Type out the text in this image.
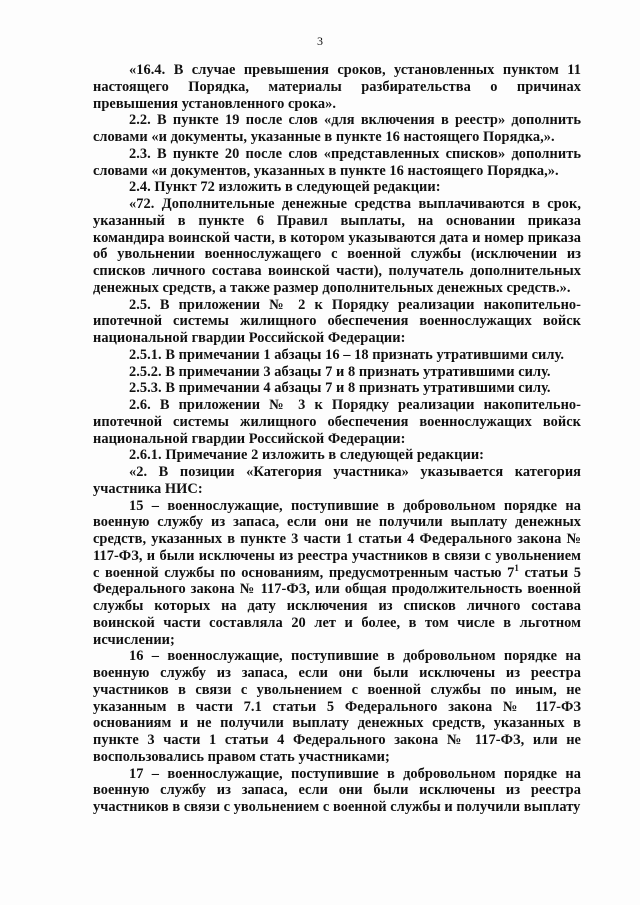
3

«16.4. В случае превышения сроков, установленных пунктом 11 настоящего Порядка, материалы разбирательства о причинах превышения установленного срока».

2.2. В пункте 19 после слов «для включения в реестр» дополнить словами «и документы, указанные в пункте 16 настоящего Порядка,».

2.3. В пункте 20 после слов «представленных списков» дополнить словами «и документов, указанных в пункте 16 настоящего Порядка,».

2.4. Пункт 72 изложить в следующей редакции:

«72. Дополнительные денежные средства выплачиваются в срок, указанный в пункте 6 Правил выплаты, на основании приказа командира воинской части, в котором указываются дата и номер приказа об увольнении военнослужащего с военной службы (исключении из списков личного состава воинской части), получатель дополнительных денежных средств, а также размер дополнительных денежных средств.».

2.5. В приложении № 2 к Порядку реализации накопительно-ипотечной системы жилищного обеспечения военнослужащих войск национальной гвардии Российской Федерации:

2.5.1. В примечании 1 абзацы 16 – 18 признать утратившими силу.

2.5.2. В примечании 3 абзацы 7 и 8 признать утратившими силу.

2.5.3. В примечании 4 абзацы 7 и 8 признать утратившими силу.

2.6. В приложении № 3 к Порядку реализации накопительно-ипотечной системы жилищного обеспечения военнослужащих войск национальной гвардии Российской Федерации:

2.6.1. Примечание 2 изложить в следующей редакции:

«2. В позиции «Категория участника» указывается категория участника НИС:

15 – военнослужащие, поступившие в добровольном порядке на военную службу из запаса, если они не получили выплату денежных средств, указанных в пункте 3 части 1 статьи 4 Федерального закона № 117-ФЗ, и были исключены из реестра участников в связи с увольнением с военной службы по основаниям, предусмотренным частью $7^1$ статьи 5 Федерального закона № 117-ФЗ, или общая продолжительность военной службы которых на дату исключения из списков личного состава воинской части составляла 20 лет и более, в том числе в льготном исчислении;

16 – военнослужащие, поступившие в добровольном порядке на военную службу из запаса, если они были исключены из реестра участников в связи с увольнением с военной службы по иным, не указанным в части 7.1 статьи 5 Федерального закона № 117-ФЗ основаниям и не получили выплату денежных средств, указанных в пункте 3 части 1 статьи 4 Федерального закона № 117-ФЗ, или не воспользовались правом стать участниками;

17 – военнослужащие, поступившие в добровольном порядке на военную службу из запаса, если они были исключены из реестра участников в связи с увольнением с военной службы и получили выплату
